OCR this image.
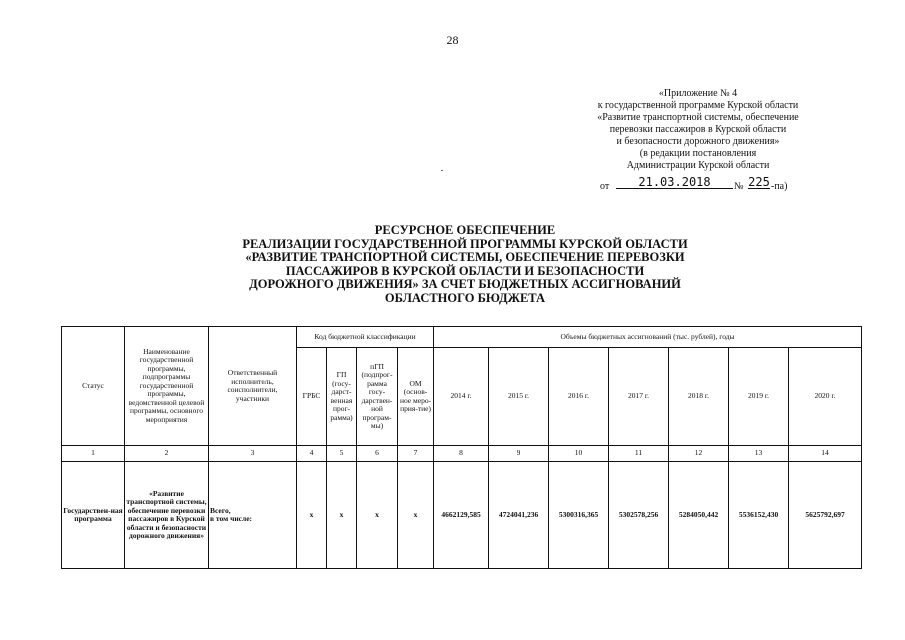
28
«Приложение № 4
к государственной программе Курской области
«Развитие транспортной системы, обеспечение
перевозки пассажиров в Курской области
и безопасности дорожного движения»
(в редакции постановления
Администрации Курской области
от	21.03.2018	№ 225 -па)
РЕСУРСНОЕ ОБЕСПЕЧЕНИЕ
РЕАЛИЗАЦИИ ГОСУДАРСТВЕННОЙ ПРОГРАММЫ КУРСКОЙ ОБЛАСТИ
«РАЗВИТИЕ ТРАНСПОРТНОЙ СИСТЕМЫ, ОБЕСПЕЧЕНИЕ ПЕРЕВОЗКИ
ПАССАЖИРОВ В КУРСКОЙ ОБЛАСТИ И БЕЗОПАСНОСТИ
ДОРОЖНОГО ДВИЖЕНИЯ» ЗА СЧЕТ БЮДЖЕТНЫХ АССИГНОВАНИЙ
ОБЛАСТНОГО БЮДЖЕТА
Статус	Наименование государственной программы, подпрограммы государственной программы, ведомственной целевой программы, основного мероприятия	Ответственный исполнитель, соисполнители, участники	Код бюджетной классификации				Объемы бюджетных ассигнований (тыс. рублей), годы						
			ГРБС	ГП (госу-дарст-венная прог-рамма)	пГП (подпрог-рамма госу-дарствен-ной програм-мы)	ОМ (основ-ное меро-прия-тие)	2014 г.	2015 г.	2016 г.	2017 г.	2018 г.	2019 г.	2020 г.
1	2	3	4	5	6	7	8	9	10	11	12	13	14
Государствен-ная программа	«Развитие транспортной системы, обеспечение перевозки пассажиров в Курской области и безопасности дорожного движения»	Всего,
в том числе:	х	х	х	х	4662129,585	4724041,236	5300316,365	5302578,256	5284050,442	5536152,430	5625792,697
